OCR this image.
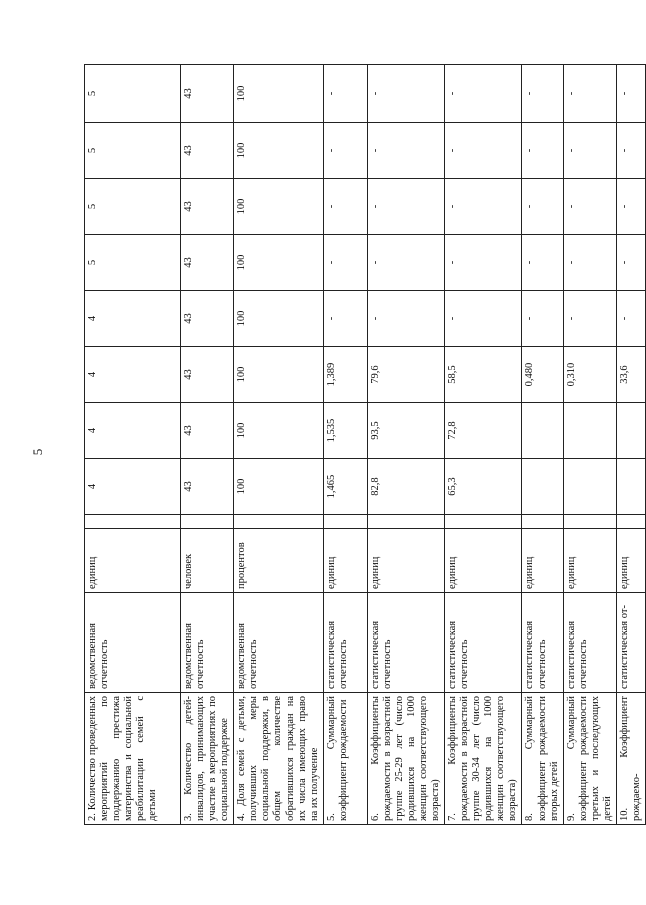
5
2. Количество проведенных мероприятий по поддержанию престижа материнства и социальной реабилитации семей с детьми	ведомственная отчетность	единиц		4	4	4	4	5	5	5	5
3. Количество детей-инвалидов, принимающих участие в мероприятиях по социальной поддержке	ведомственная отчетность	человек		43	43	43	43	43	43	43	43
4. Доля семей с детьми, получивших меры социальной поддержки, в общем количестве обратившихся граждан на их числа имеющих право на их получение	ведомственная отчетность	процентов		100	100	100	100	100	100	100	100
5. Суммарный коэффициент рождаемости	статистическая отчетность	единиц		1,465	1,535	1,389	-	-	-	-	-
6. Коэффициенты рождаемости в возрастной группе 25-29 лет (число родившихся на 1000 женщин соответствующего возраста)	статистическая отчетность	единиц		82,8	93,5	79,6	-	-	-	-	-
7. Коэффициенты рождаемости в возрастной группе 30-34 лет (число родившихся на 1000 женщин соответствующего возраста)	статистическая отчетность	единиц		65,3	72,8	58,5	-	-	-	-	-
8. Суммарный коэффициент рождаемости вторых детей	статистическая отчетность	единиц				0,480	-	-	-	-	-
9. Суммарный коэффициент рождаемости третьих и последующих детей	статистическая отчетность	единиц				0,310	-	-	-	-	-
10. Коэффициент рождаемо-	статистическая от-	единиц				33,6	-	-	-	-	-
